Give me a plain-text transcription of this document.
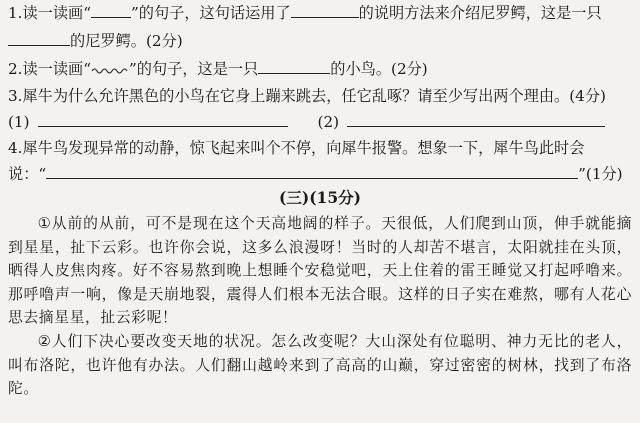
1.读一读画“	”的句子，这句话运用了	的说明方法来介绍尼罗鳄，这是一只
的尼罗鳄。(2分)
2.读一读画“	”的句子，这是一只	的小鸟。(2分)
3.犀牛为什么允许黑色的小鸟在它身上蹦来跳去，任它乱啄？请至少写出两个理由。(4分)
(1)	(2)
4.犀牛鸟发现异常的动静，惊飞起来叫个不停，向犀牛报警。想象一下，犀牛鸟此时会
说：“	”(1分)
(三)(15分)

①从前的从前，可不是现在这个天高地阔的样子。天很低，人们爬到山顶，伸手就能摘到星星，扯下云彩。也许你会说，这多么浪漫呀！当时的人却苦不堪言，太阳就挂在头顶，晒得人皮焦肉疼。好不容易熬到晚上想睡个安稳觉吧，天上住着的雷王睡觉又打起呼噜来。那呼噜声一响，像是天崩地裂，震得人们根本无法合眼。这样的日子实在难熬，哪有人花心思去摘星星，扯云彩呢！

②人们下决心要改变天地的状况。怎么改变呢？大山深处有位聪明、神力无比的老人，叫布洛陀，也许他有办法。人们翻山越岭来到了高高的山巅，穿过密密的树林，找到了布洛陀。
